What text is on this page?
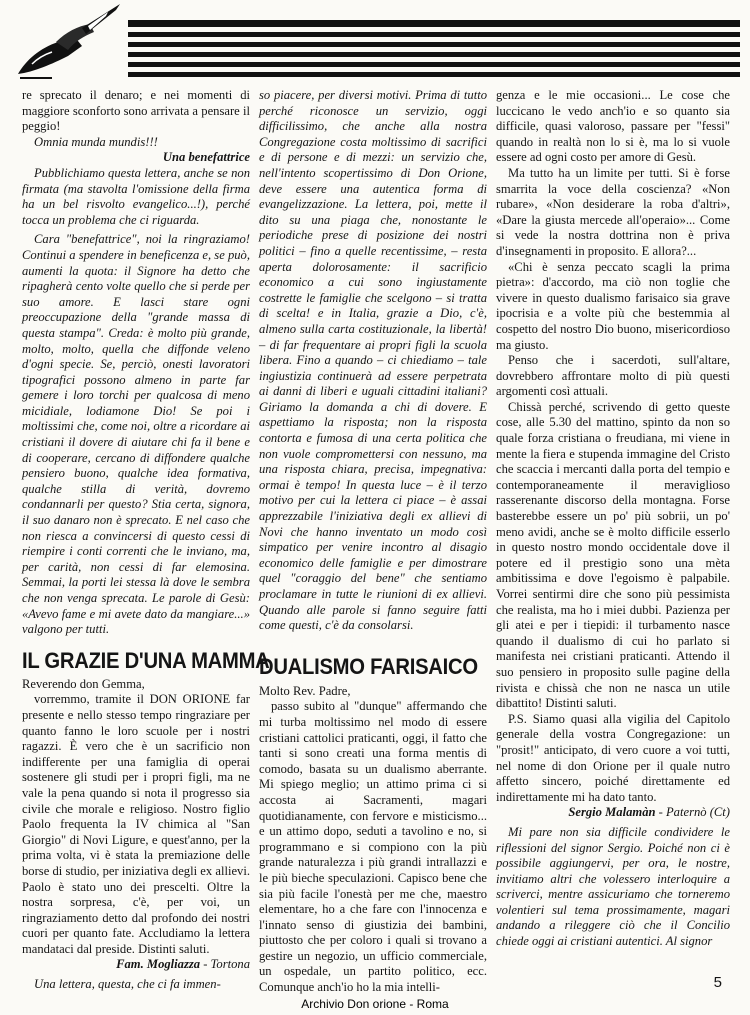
re sprecato il denaro; e nei momenti di maggiore sconforto sono arrivata a pensare il peggio!

Omnia munda mundis!!!

Una benefattrice

Pubblichiamo questa lettera, anche se non firmata (ma stavolta l'omissione della firma ha un bel risvolto evangelico...!), perché tocca un problema che ci riguarda.

Cara "benefattrice", noi la ringraziamo! Continui a spendere in beneficenza e, se può, aumenti la quota: il Signore ha detto che ripagherà cento volte quello che si perde per suo amore. E lasci stare ogni preoccupazione della "grande massa di questa stampa". Creda: è molto più grande, molto, molto, quella che diffonde veleno d'ogni specie. Se, perciò, onesti lavoratori tipografici possono almeno in parte far gemere i loro torchi per qualcosa di meno micidiale, lodiamone Dio! Se poi i moltissimi che, come noi, oltre a ricordare ai cristiani il dovere di aiutare chi fa il bene e di cooperare, cercano di diffondere qualche pensiero buono, qualche idea formativa, qualche stilla di verità, dovremo condannarli per questo? Stia certa, signora, il suo danaro non è sprecato. E nel caso che non riesca a convincersi di questo cessi di riempire i conti correnti che le inviano, ma, per carità, non cessi di far elemosina. Semmai, la porti lei stessa là dove le sembra che non venga sprecata. Le parole di Gesù: «Avevo fame e mi avete dato da mangiare...» valgono per tutti.

IL GRAZIE D'UNA MAMMA

Reverendo don Gemma,

vorremmo, tramite il DON ORIONE far presente e nello stesso tempo ringraziare per quanto fanno le loro scuole per i nostri ragazzi. È vero che è un sacrificio non indifferente per una famiglia di operai sostenere gli studi per i propri figli, ma ne vale la pena quando si nota il progresso sia civile che morale e religioso. Nostro figlio Paolo frequenta la IV chimica al "San Giorgio" di Novi Ligure, e quest'anno, per la prima volta, vi è stata la premiazione delle borse di studio, per iniziativa degli ex allievi. Paolo è stato uno dei prescelti. Oltre la nostra sorpresa, c'è, per voi, un ringraziamento detto dal profondo dei nostri cuori per quanto fate. Accludiamo la lettera mandataci dal preside. Distinti saluti.

Fam. Mogliazza - Tortona

Una lettera, questa, che ci fa immen-

so piacere, per diversi motivi. Prima di tutto perché riconosce un servizio, oggi difficilissimo, che anche alla nostra Congregazione costa moltissimo di sacrifici e di persone e di mezzi: un servizio che, nell'intento scopertissimo di Don Orione, deve essere una autentica forma di evangelizzazione. La lettera, poi, mette il dito su una piaga che, nonostante le periodiche prese di posizione dei nostri politici – fino a quelle recentissime, – resta aperta dolorosamente: il sacrificio economico a cui sono ingiustamente costrette le famiglie che scelgono – si tratta di scelta! e in Italia, grazie a Dio, c'è, almeno sulla carta costituzionale, la libertà! – di far frequentare ai propri figli la scuola libera. Fino a quando – ci chiediamo – tale ingiustizia continuerà ad essere perpetrata ai danni di liberi e uguali cittadini italiani? Giriamo la domanda a chi di dovere. E aspettiamo la risposta; non la risposta contorta e fumosa di una certa politica che non vuole compromettersi con nessuno, ma una risposta chiara, precisa, impegnativa: ormai è tempo! In questa luce – è il terzo motivo per cui la lettera ci piace – è assai apprezzabile l'iniziativa degli ex allievi di Novi che hanno inventato un modo così simpatico per venire incontro al disagio economico delle famiglie e per dimostrare quel "coraggio del bene" che sentiamo proclamare in tutte le riunioni di ex allievi. Quando alle parole si fanno seguire fatti come questi, c'è da consolarsi.

DUALISMO FARISAICO

Molto Rev. Padre,

passo subito al "dunque" affermando che mi turba moltissimo nel modo di essere cristiani cattolici praticanti, oggi, il fatto che tanti si sono creati una forma mentis di comodo, basata su un dualismo aberrante. Mi spiego meglio; un attimo prima ci si accosta ai Sacramenti, magari quotidianamente, con fervore e misticismo... e un attimo dopo, seduti a tavolino e no, si programmano e si compiono con la più grande naturalezza i più grandi intrallazzi e le più bieche speculazioni. Capisco bene che sia più facile l'onestà per me che, maestro elementare, ho a che fare con l'innocenza e l'innato senso di giustizia dei bambini, piuttosto che per coloro i quali si trovano a gestire un negozio, un ufficio commerciale, un ospedale, un partito politico, ecc. Comunque anch'io ho la mia intelli-

genza e le mie occasioni... Le cose che luccicano le vedo anch'io e so quanto sia difficile, quasi valoroso, passare per "fessi" quando in realtà non lo si è, ma lo si vuole essere ad ogni costo per amore di Gesù.

Ma tutto ha un limite per tutti. Si è forse smarrita la voce della coscienza? «Non rubare», «Non desiderare la roba d'altri», «Dare la giusta mercede all'operaio»... Come si vede la nostra dottrina non è priva d'insegnamenti in proposito. E allora?...

«Chi è senza peccato scagli la prima pietra»: d'accordo, ma ciò non toglie che vivere in questo dualismo farisaico sia grave ipocrisia e a volte più che bestemmia al cospetto del nostro Dio buono, misericordioso ma giusto.

Penso che i sacerdoti, sull'altare, dovrebbero affrontare molto di più questi argomenti così attuali.

Chissà perché, scrivendo di getto queste cose, alle 5.30 del mattino, spinto da non so quale forza cristiana o freudiana, mi viene in mente la fiera e stupenda immagine del Cristo che scaccia i mercanti dalla porta del tempio e contemporaneamente il meraviglioso rasserenante discorso della montagna. Forse basterebbe essere un po' più sobrii, un po' meno avidi, anche se è molto difficile esserlo in questo nostro mondo occidentale dove il potere ed il prestigio sono una mèta ambitissima e dove l'egoismo è palpabile. Vorrei sentirmi dire che sono più pessimista che realista, ma ho i miei dubbi. Pazienza per gli atei e per i tiepidi: il turbamento nasce quando il dualismo di cui ho parlato si manifesta nei cristiani praticanti. Attendo il suo pensiero in proposito sulle pagine della rivista e chissà che non ne nasca un utile dibattito! Distinti saluti.

P.S. Siamo quasi alla vigilia del Capitolo generale della vostra Congregazione: un "prosit!" anticipato, di vero cuore a voi tutti, nel nome di don Orione per il quale nutro affetto sincero, poiché direttamente ed indirettamente mi ha dato tanto.

Sergio Malamàn - Paternò (Ct)

Mi pare non sia difficile condividere le riflessioni del signor Sergio. Poiché non ci è possibile aggiungervi, per ora, le nostre, invitiamo altri che volessero interloquire a scriverci, mentre assicuriamo che torneremo volentieri sul tema prossimamente, magari andando a rileggere ciò che il Concilio chiede oggi ai cristiani autentici. Al signor

5
Archivio Don orione - Roma
